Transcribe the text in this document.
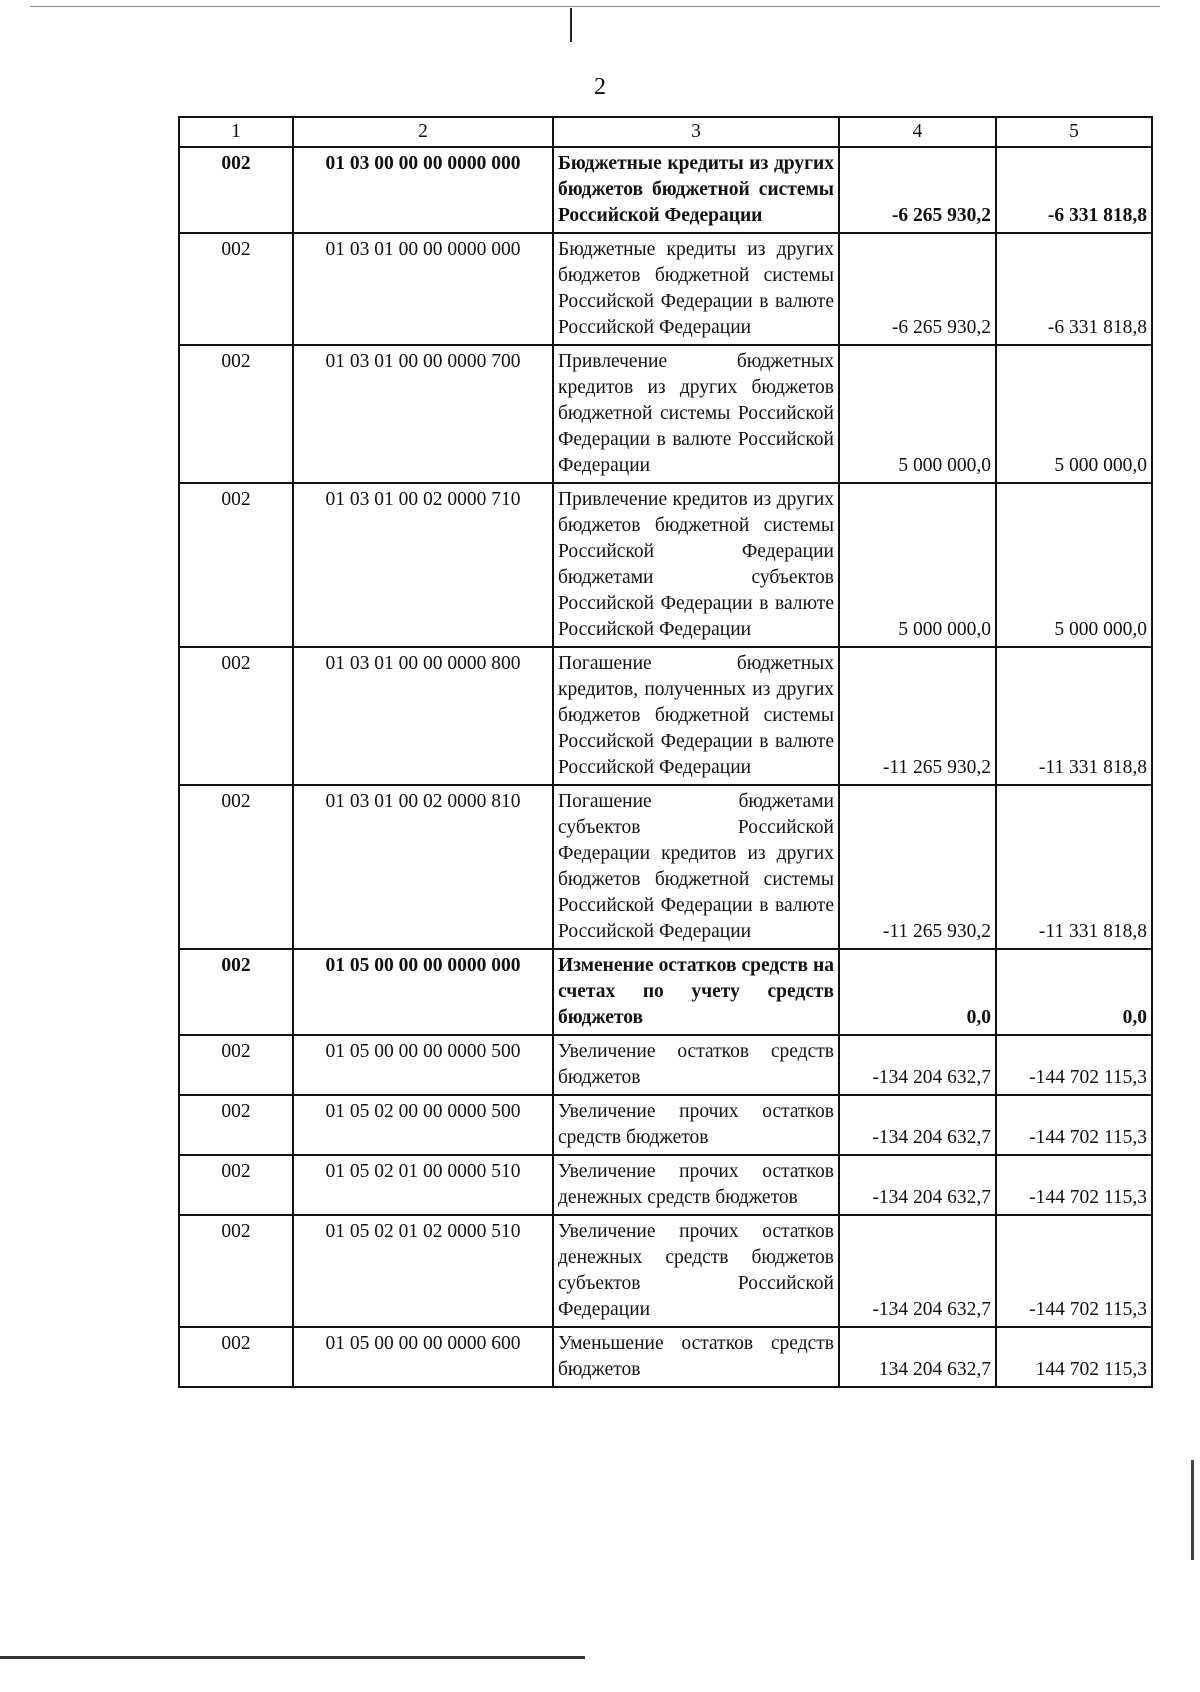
2
1	2	3	4	5
002	01 03 00 00 00 0000 000	Бюджетные кредиты из других бюджетов бюджетной системы Российской Федерации	-6 265 930,2	-6 331 818,8
002	01 03 01 00 00 0000 000	Бюджетные кредиты из других бюджетов бюджетной системы Российской Федерации в валюте Российской Федерации	-6 265 930,2	-6 331 818,8
002	01 03 01 00 00 0000 700	Привлечение бюджетных кредитов из других бюджетов бюджетной системы Российской Федерации в валюте Российской Федерации	5 000 000,0	5 000 000,0
002	01 03 01 00 02 0000 710	Привлечение кредитов из других бюджетов бюджетной системы Российской Федерации бюджетами субъектов Российской Федерации в валюте Российской Федерации	5 000 000,0	5 000 000,0
002	01 03 01 00 00 0000 800	Погашение бюджетных кредитов, полученных из других бюджетов бюджетной системы Российской Федерации в валюте Российской Федерации	-11 265 930,2	-11 331 818,8
002	01 03 01 00 02 0000 810	Погашение бюджетами субъектов Российской Федерации кредитов из других бюджетов бюджетной системы Российской Федерации в валюте Российской Федерации	-11 265 930,2	-11 331 818,8
002	01 05 00 00 00 0000 000	Изменение остатков средств на счетах по учету средств бюджетов	0,0	0,0
002	01 05 00 00 00 0000 500	Увеличение остатков средств бюджетов	-134 204 632,7	-144 702 115,3
002	01 05 02 00 00 0000 500	Увеличение прочих остатков средств бюджетов	-134 204 632,7	-144 702 115,3
002	01 05 02 01 00 0000 510	Увеличение прочих остатков денежных средств бюджетов	-134 204 632,7	-144 702 115,3
002	01 05 02 01 02 0000 510	Увеличение прочих остатков денежных средств бюджетов субъектов Российской Федерации	-134 204 632,7	-144 702 115,3
002	01 05 00 00 00 0000 600	Уменьшение остатков средств бюджетов	134 204 632,7	144 702 115,3
